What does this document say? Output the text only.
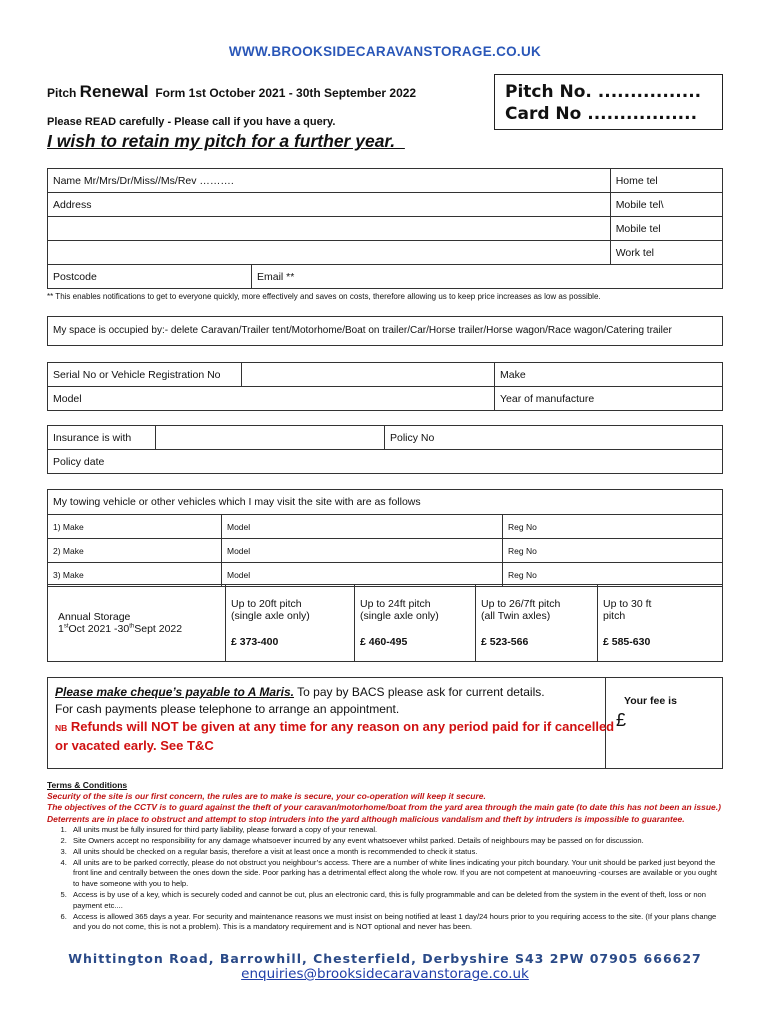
WWW.BROOKSIDECARAVANSTORAGE.CO.UK
Pitch Renewal  Form 1st October 2021 - 30th September 2022	Pitch No. ................
Card No .................
Please READ carefully - Please call if you have a query.
I wish to retain my pitch for a further year.
Name Mr/Mrs/Dr/Miss//Ms/Rev ……….		Home tel
Address		Mobile tel\
		Mobile tel
		Work tel
Postcode	Email **	
** This enables notifications to get to everyone quickly, more effectively and saves on costs, therefore allowing us to keep price increases as low as possible.
My space is occupied by:- delete Caravan/Trailer tent/Motorhome/Boat on trailer/Car/Horse trailer/Horse wagon/Race wagon/Catering trailer
Serial No or Vehicle Registration No		Make
Model		Year of manufacture
Insurance is with		Policy No
Policy date
My towing vehicle or other vehicles which I may visit the site with are as follows		
1) Make	Model	Reg No
2) Make	Model	Reg No
3) Make	Model	Reg No
Annual Storage
1stOct 2021 -30thSept 2022

Up to 20ft pitch
(single axle only)
£ 373-400

Up to 24ft pitch
(single axle only)
£ 460-495

Up to 26/7ft pitch
(all Twin axles)
£ 523-566

Up to 30 ft
pitch
£ 585-630
Please make cheque’s payable to A Maris. To pay by BACS please ask for current details.
For cash payments please telephone to arrange an appointment.
NB Refunds will NOT be given at any time for any reason on any period paid for if cancelled or vacated early. See T&C
Your fee is
£
Terms & Conditions
Security of the site is our first concern, the rules are to make is secure, your co-operation will keep it secure.
The objectives of the CCTV is to guard against the theft of your caravan/motorhome/boat from the yard area through the main gate (to date this has not been an issue.) Deterrents are in place to obstruct and attempt to stop intruders into the yard although malicious vandalism and theft by intruders is impossible to guarantee.
1. All units must be fully insured for third party liability, please forward a copy of your renewal.
2. Site Owners accept no responsibility for any damage whatsoever incurred by any event whatsoever whilst parked. Details of neighbours may be passed on for discussion.
3. All units should be checked on a regular basis, therefore a visit at least once a month is recommended to check it status.
4. All units are to be parked correctly, please do not obstruct you neighbour’s access. There are a number of white lines indicating your pitch boundary. Your unit should be parked just beyond the front line and centrally between the ones down the side. Poor parking has a detrimental effect along the whole row. If you are not competent at manoeuvring -courses are available or you ought to have someone with you to help.
5. Access is by use of a key, which is securely coded and cannot be cut, plus an electronic card, this is fully programmable and can be deleted from the system in the event of theft, loss or non payment etc....
6. Access is allowed 365 days a year. For security and maintenance reasons we must insist on being notified at least 1 day/24 hours prior to you requiring access to the site. (If your plans change and you do not come, this is not a problem). This is a mandatory requirement and is NOT optional and never has been.
Whittington Road, Barrowhill, Chesterfield, Derbyshire S43 2PW 07905 666627
enquiries@brooksidecaravanstorage.co.uk
